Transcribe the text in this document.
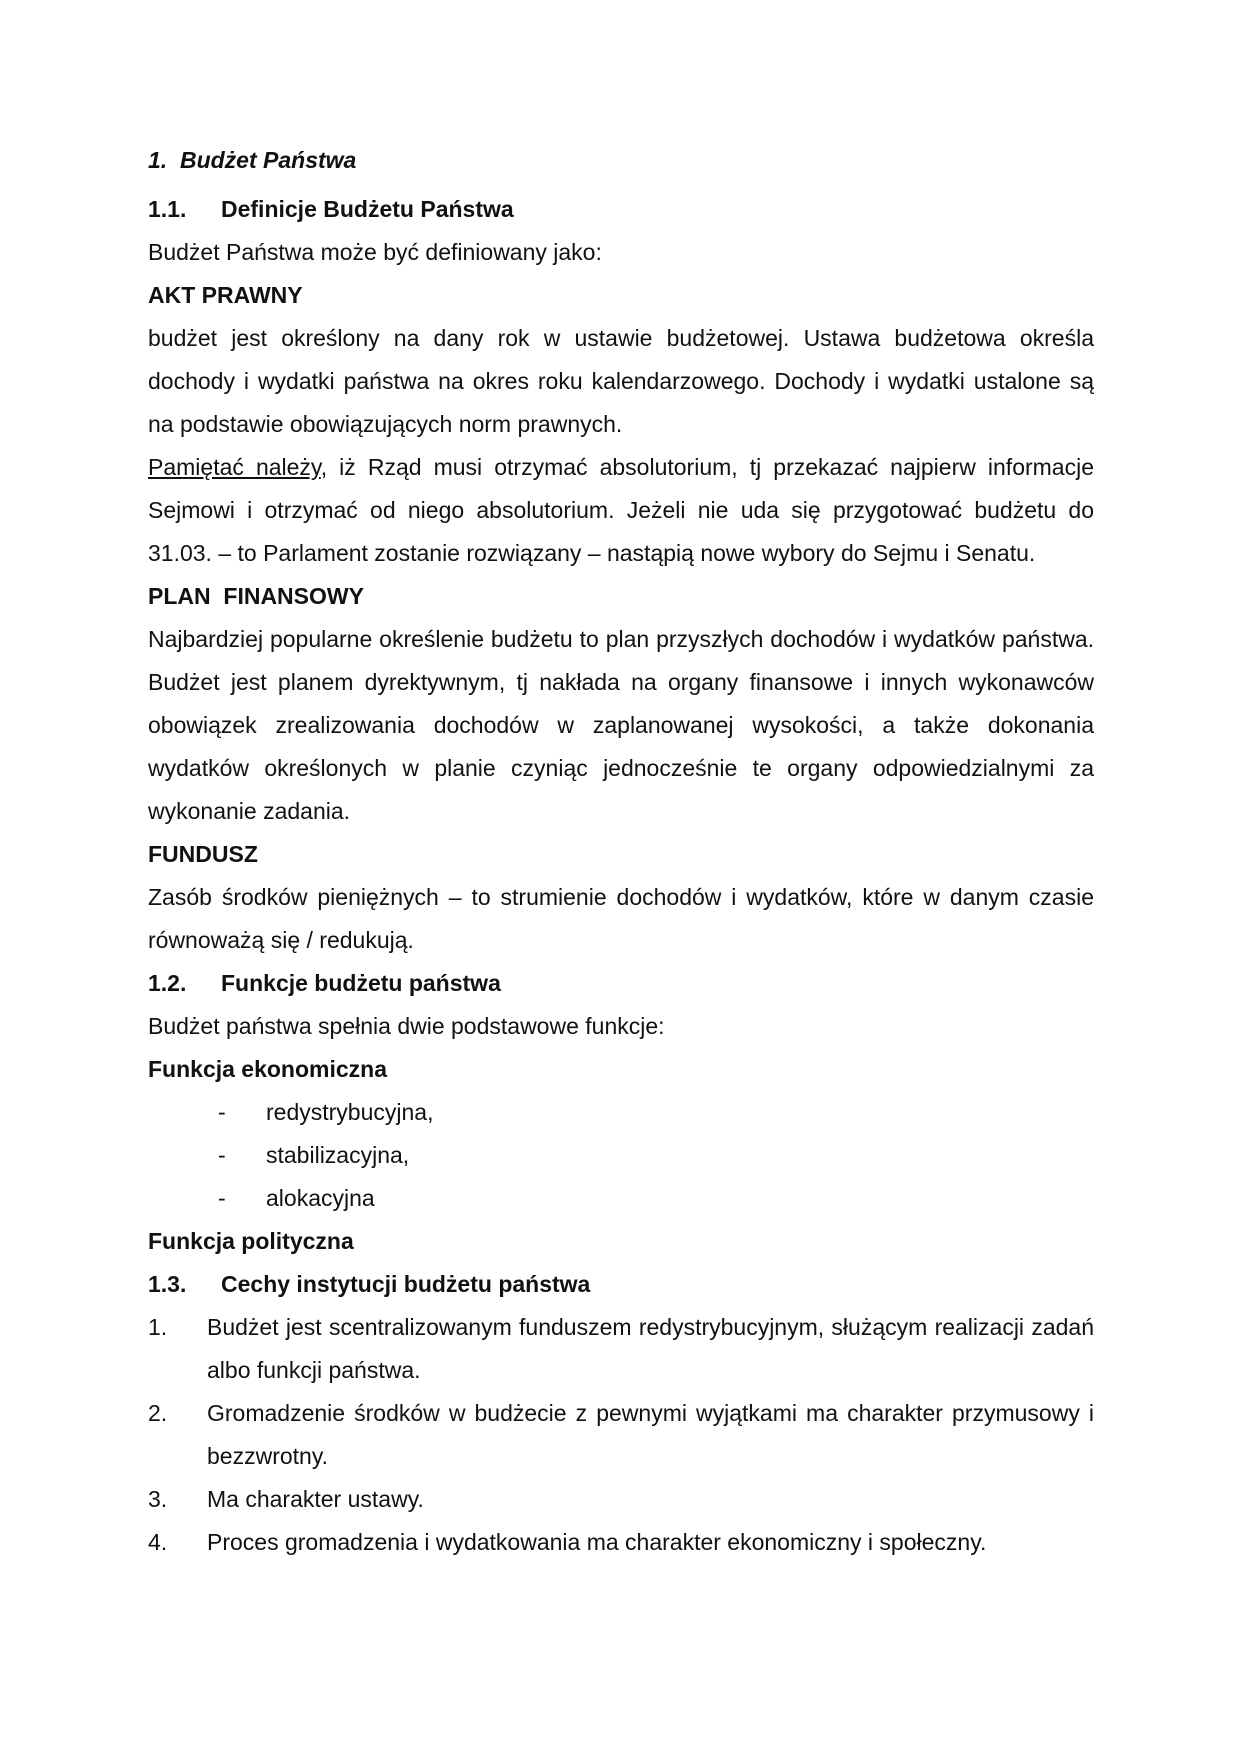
1. Budżet Państwa

1.1.	Definicje Budżetu Państwa

Budżet Państwa może być definiowany jako:

AKT PRAWNY

budżet jest określony na dany rok w ustawie budżetowej. Ustawa budżetowa określa dochody i wydatki państwa na okres roku kalendarzowego. Dochody i wydatki ustalone są na podstawie obowiązujących norm prawnych.

Pamiętać należy, iż Rząd musi otrzymać absolutorium, tj przekazać najpierw informacje Sejmowi i otrzymać od niego absolutorium. Jeżeli nie uda się przygotować budżetu do 31.03. – to Parlament zostanie rozwiązany – nastąpią nowe wybory do Sejmu i Senatu.

PLAN  FINANSOWY

Najbardziej popularne określenie budżetu to plan przyszłych dochodów i wydatków państwa. Budżet jest planem dyrektywnym, tj nakłada na organy finansowe i innych wykonawców obowiązek zrealizowania dochodów w zaplanowanej wysokości, a także dokonania wydatków określonych w planie czyniąc jednocześnie te organy odpowiedzialnymi za wykonanie zadania.

FUNDUSZ

Zasób środków pieniężnych – to strumienie dochodów i wydatków, które w danym czasie równoważą się / redukują.

1.2.	Funkcje budżetu państwa

Budżet państwa spełnia dwie podstawowe funkcje:

Funkcja ekonomiczna

-	redystrybucyjna,
-	stabilizacyjna,
-	alokacyjna

Funkcja polityczna

1.3.	Cechy instytucji budżetu państwa

1.	Budżet jest scentralizowanym funduszem redystrybucyjnym, służącym realizacji zadań albo funkcji państwa.
2.	Gromadzenie środków w budżecie z pewnymi wyjątkami ma charakter przymusowy i bezzwrotny.
3.	Ma charakter ustawy.
4.	Proces gromadzenia i wydatkowania ma charakter ekonomiczny i społeczny.
